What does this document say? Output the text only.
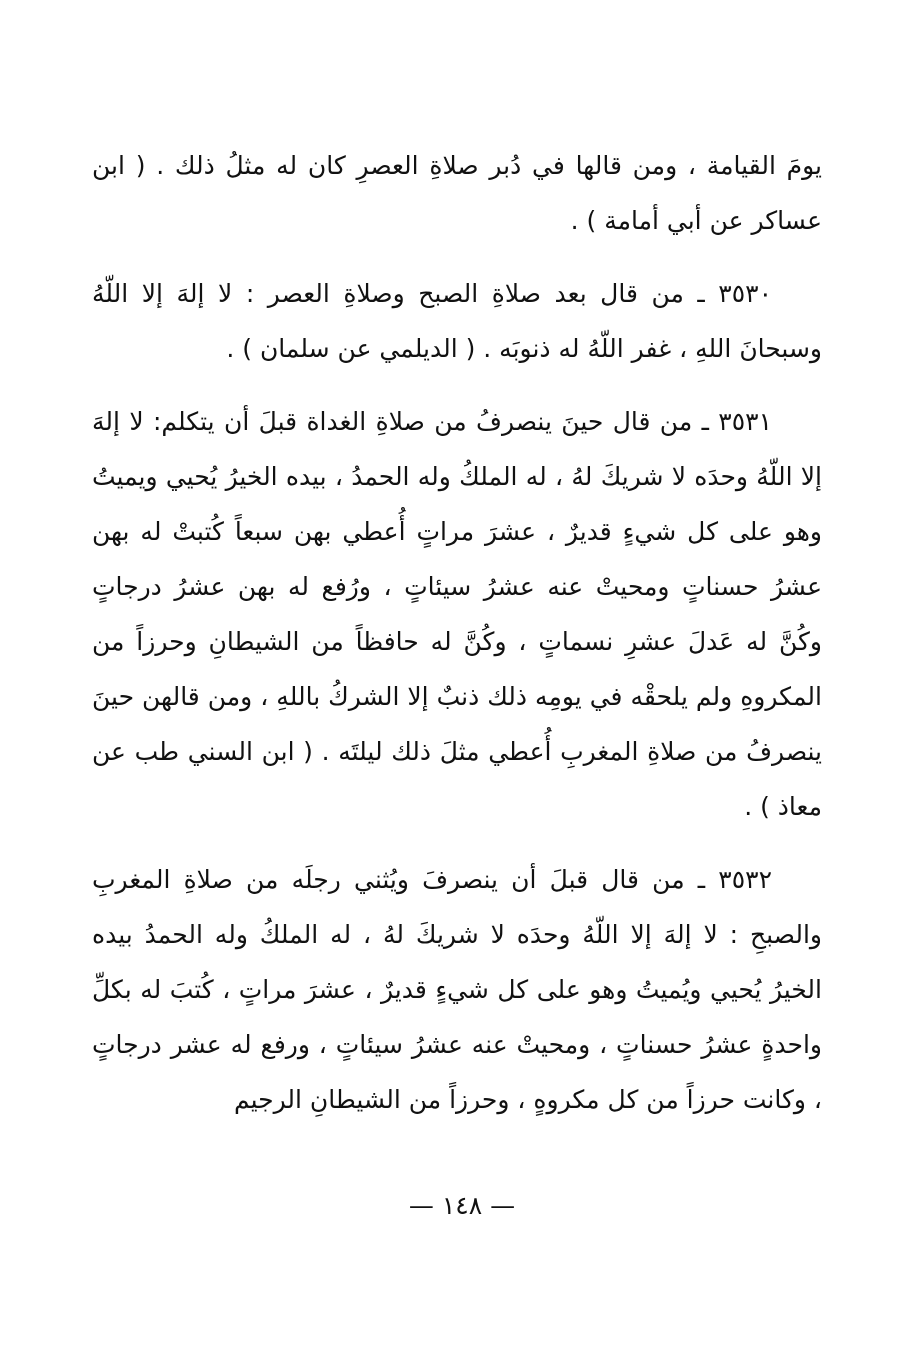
يومَ القيامة ، ومن قالها في دُبر صلاةِ العصرِ كان له مثلُ ذلك . ( ابن عساكر عن أبي أمامة ) .

٣٥٣٠ ـ من قال بعد صلاةِ الصبح وصلاةِ العصر : لا إلهَ إلا اللّهُ وسبحانَ اللهِ ، غفر اللّهُ له ذنوبَه . ( الديلمي عن سلمان ) .

٣٥٣١ ـ من قال حينَ ينصرفُ من صلاةِ الغداة قبلَ أن يتكلم: لا إلهَ إلا اللّهُ وحدَه لا شريكَ لهُ ، له الملكُ وله الحمدُ ، بيده الخيرُ يُحيي ويميتُ وهو على كل شيءٍ قديرٌ ، عشرَ مراتٍ أُعطي بهن سبعاً كُتبتْ له بهن عشرُ حسناتٍ ومحيتْ عنه عشرُ سيئاتٍ ، ورُفع له بهن عشرُ درجاتٍ وكُنَّ له عَدلَ عشرِ نسماتٍ ، وكُنَّ له حافظاً من الشيطانِ وحرزاً من المكروهِ ولم يلحقْه في يومِه ذلك ذنبٌ إلا الشركُ باللهِ ، ومن قالهن حينَ ينصرفُ من صلاةِ المغربِ أُعطي مثلَ ذلك ليلتَه . ( ابن السني طب عن معاذ ) .

٣٥٣٢ ـ من قال قبلَ أن ينصرفَ ويُثني رجلَه من صلاةِ المغربِ والصبحِ : لا إلهَ إلا اللّهُ وحدَه لا شريكَ لهُ ، له الملكُ وله الحمدُ بيده الخيرُ يُحيي ويُميتُ وهو على كل شيءٍ قديرٌ ، عشرَ مراتٍ ، كُتبَ له بكلِّ واحدةٍ عشرُ حسناتٍ ، ومحيتْ عنه عشرُ سيئاتٍ ، ورفع له عشر درجاتٍ ، وكانت حرزاً من كل مكروهٍ ، وحرزاً من الشيطانِ الرجيم

— ١٤٨ —
